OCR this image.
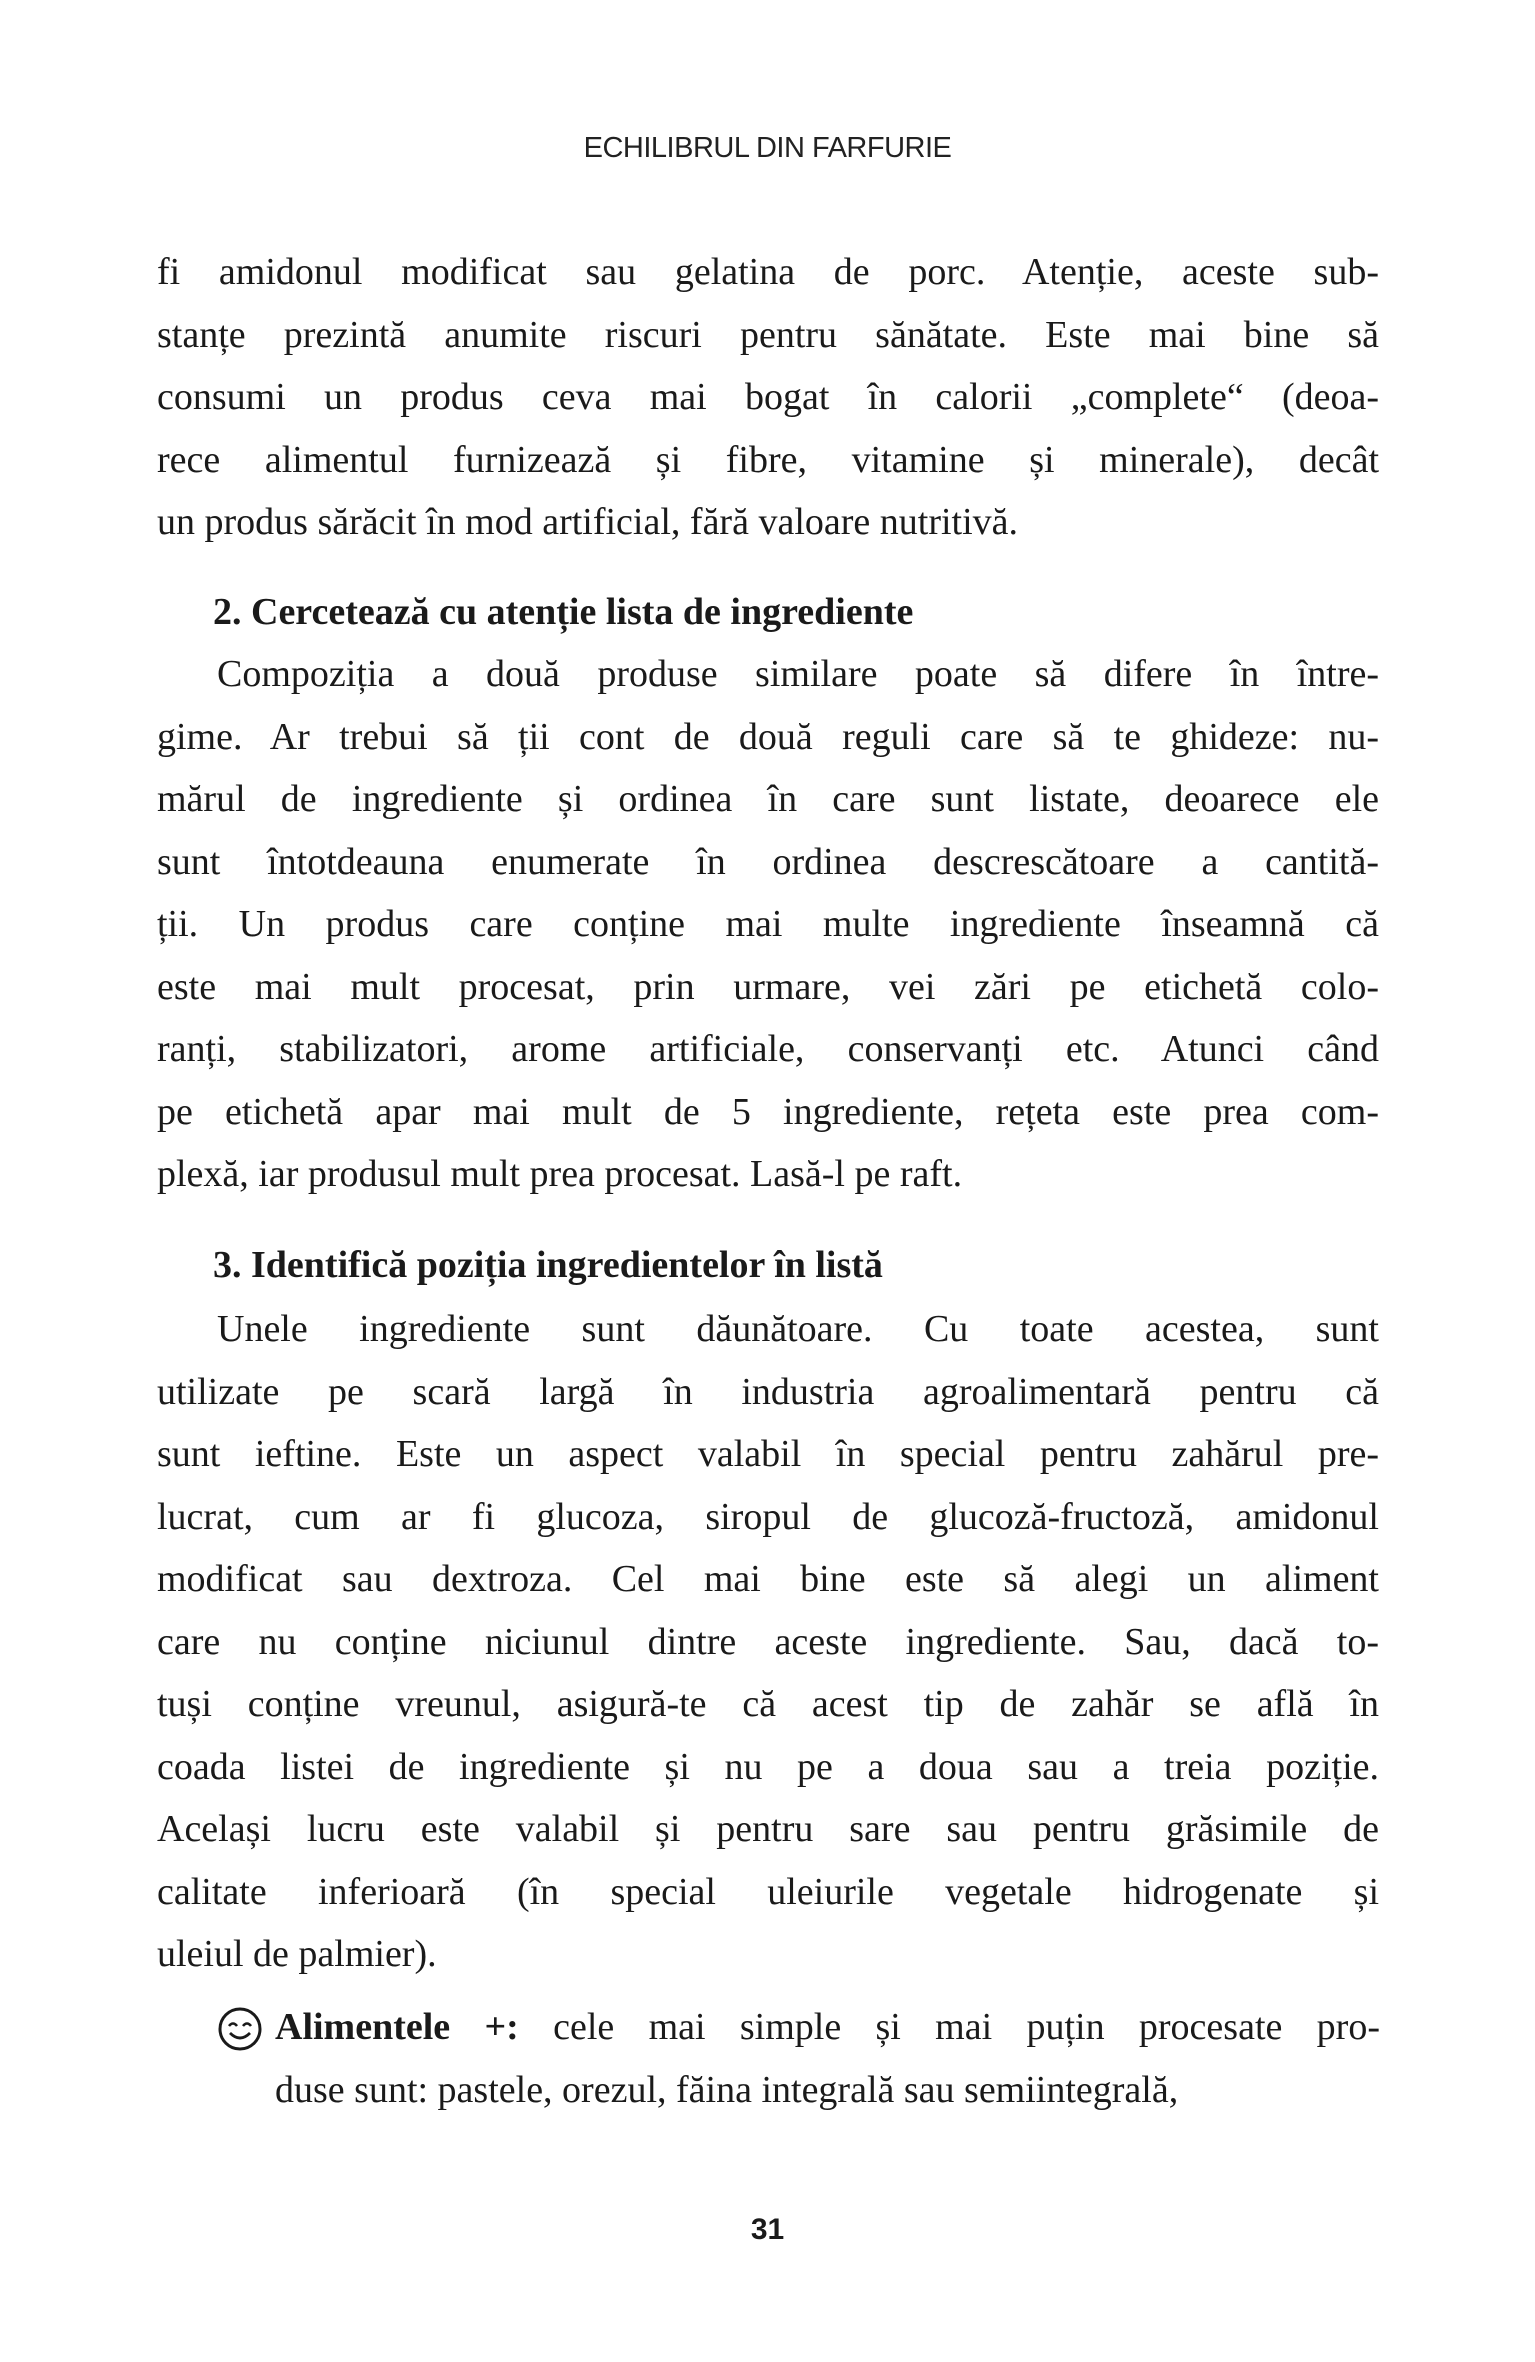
ECHILIBRUL DIN FARFURIE
fi amidonul modificat sau gelatina de porc. Atenție, aceste sub-
stanțe prezintă anumite riscuri pentru sănătate. Este mai bine să
consumi un produs ceva mai bogat în calorii „complete“ (deoa-
rece alimentul furnizează și fibre, vitamine și minerale), decât
un produs sărăcit în mod artificial, fără valoare nutritivă.
2. Cercetează cu atenție lista de ingrediente
Compoziția a două produse similare poate să difere în între-
gime. Ar trebui să ții cont de două reguli care să te ghideze: nu-
mărul de ingrediente și ordinea în care sunt listate, deoarece ele
sunt întotdeauna enumerate în ordinea descrescătoare a cantită-
ții. Un produs care conține mai multe ingrediente înseamnă că
este mai mult procesat, prin urmare, vei zări pe etichetă colo-
ranți, stabilizatori, arome artificiale, conservanți etc. Atunci când
pe etichetă apar mai mult de 5 ingrediente, rețeta este prea com-
plexă, iar produsul mult prea procesat. Lasă-l pe raft.
3. Identifică poziția ingredientelor în listă
Unele ingrediente sunt dăunătoare. Cu toate acestea, sunt
utilizate pe scară largă în industria agroalimentară pentru că
sunt ieftine. Este un aspect valabil în special pentru zahărul pre-
lucrat, cum ar fi glucoza, siropul de glucoză-fructoză, amidonul
modificat sau dextroza. Cel mai bine este să alegi un aliment
care nu conține niciunul dintre aceste ingrediente. Sau, dacă to-
tuși conține vreunul, asigură-te că acest tip de zahăr se află în
coada listei de ingrediente și nu pe a doua sau a treia poziție.
Același lucru este valabil și pentru sare sau pentru grăsimile de
calitate inferioară (în special uleiurile vegetale hidrogenate și
uleiul de palmier).
Alimentele +: cele mai simple și mai puțin procesate pro-
duse sunt: pastele, orezul, făina integrală sau semiintegrală,
31
